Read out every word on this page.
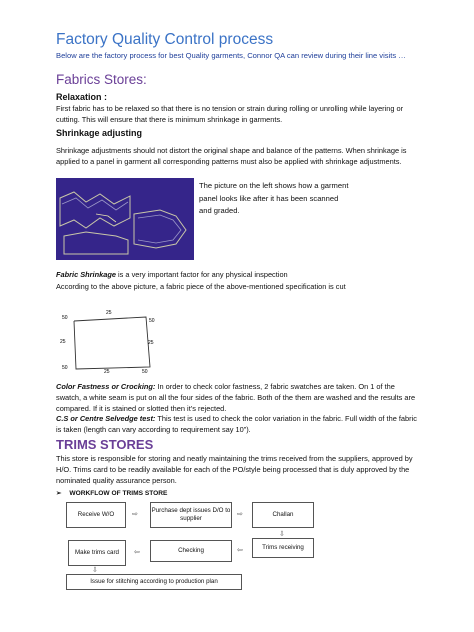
Factory Quality Control process
Below are the factory process for best Quality garments, Connor QA can review during their line visits …
Fabrics Stores:
Relaxation :
First fabric has to be relaxed so that there is no tension or strain during rolling or unrolling while layering or cutting. This will ensure that there is minimum shrinkage in garments.
Shrinkage adjusting
Shrinkage adjustments should not distort the original shape and balance of the patterns. When shrinkage is applied to a panel in garment all corresponding patterns must also be applied with shrinkage adjustments.
The picture on the left shows how a garment panel looks like after it has been scanned and graded.
Fabric Shrinkage is a very important factor for any physical inspection
According to the above picture, a fabric piece of the above-mentioned specification is cut
50
25
50
25	25
50
25	50
Color Fastness or Crocking: In order to check color fastness, 2 fabric swatches are taken. On 1 of the swatch, a white seam is put on all the four sides of the fabric. Both of the them are washed and the results are compared. If it is stained or slotted then it’s rejected.
C.S or Centre Selvedge test: This test is used to check the color variation in the fabric. Full width of the fabric is taken (length can vary according to requirement say 10”).
TRIMS STORES
This store is responsible for storing and neatly maintaining the trims received from the suppliers, approved by H/O. Trims card to be readily available for each of the PO/style being processed that is duly approved by the nominated quality assurance person.
➢ WORKFLOW OF TRIMS STORE
Receive W/O	⇨
Purchase dept issues D/O to supplier
⇨	Challan
⇩
Make trims card	⇦	Checking	⇦	Trims receiving
⇩
Issue for stitching according to production plan
